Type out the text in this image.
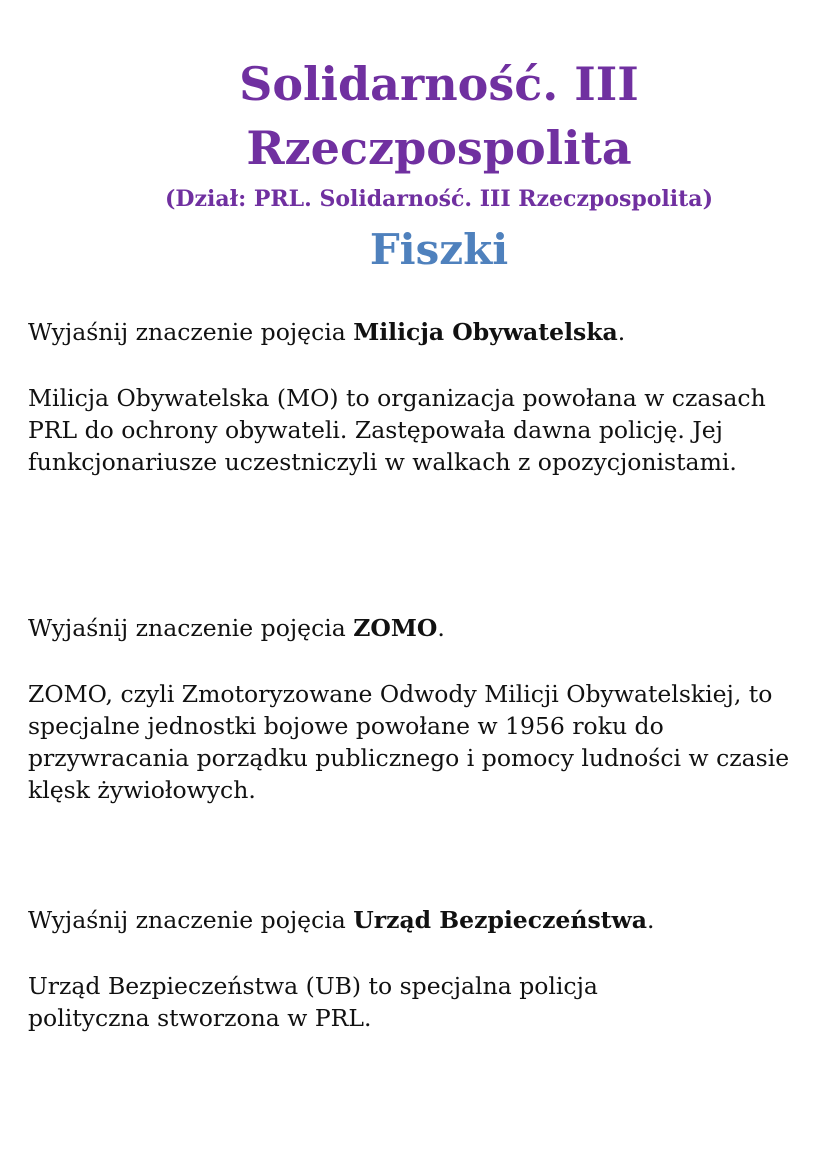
Solidarność. III Rzeczpospolita
(Dział: PRL. Solidarność. III Rzeczpospolita)
Fiszki

Wyjaśnij znaczenie pojęcia Milicja Obywatelska.

Milicja Obywatelska (MO) to organizacja powołana w czasach PRL do ochrony obywateli. Zastępowała dawna policję. Jej funkcjonariusze uczestniczyli w walkach z opozycjonistami.

Wyjaśnij znaczenie pojęcia ZOMO.

ZOMO, czyli Zmotoryzowane Odwody Milicji Obywatelskiej, to specjalne jednostki bojowe powołane w 1956 roku do przywracania porządku publicznego i pomocy ludności w czasie klęsk żywiołowych.

Wyjaśnij znaczenie pojęcia Urząd Bezpieczeństwa.

Urząd Bezpieczeństwa (UB) to specjalna policja polityczna stworzona w PRL.
